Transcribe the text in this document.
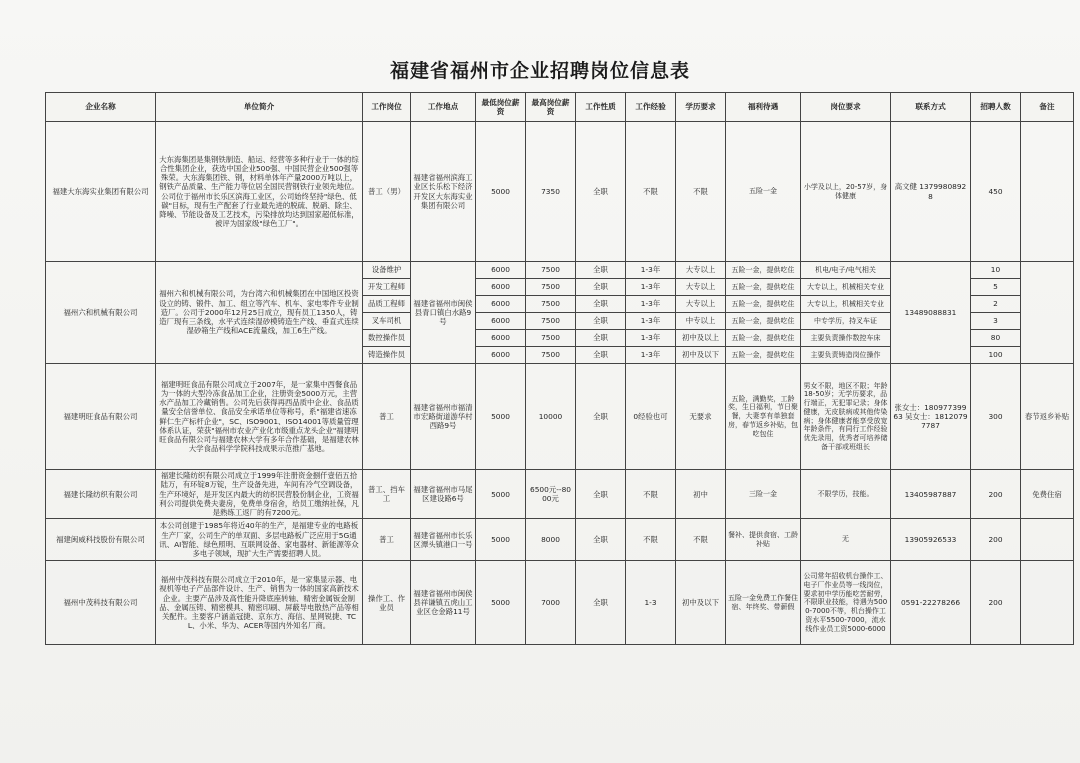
福建省福州市企业招聘岗位信息表
企业名称	单位简介	工作岗位	工作地点	最低岗位薪资	最高岗位薪资	工作性质	工作经验	学历要求	福利待遇	岗位要求	联系方式	招聘人数	备注
福建大东海实业集团有限公司	大东海集团是集钢铁制造、船运、经营等多种行业于一体的综合性集团企业，获选中国企业500强、中国民营企业500强等殊荣。大东海集团铁、钢，材料单体年产量2000万吨以上，钢铁产品质量、生产能力等位居全国民营钢铁行业领先地位。公司位于福州市长乐区滨海工业区，公司始终坚持"绿色、低碳"目标，现有生产配套了行业最先进的脱硫、脱硝、除尘、降噪、节能设备及工艺技术，污染排放均达到国家超低标准，被评为国家级"绿色工厂"。	普工（男）	福建省福州滨海工业区长乐松下经济开发区大东海实业集团有限公司	5000	7350	全职	不限	不限	五险一金	小学及以上，20-57岁，身体健康	高文健 13799808928	450	
福州六和机械有限公司	福州六和机械有限公司，为台湾六和机械集团在中国地区投资设立的铸、锻件、加工、组立等汽车、机车、家电零件专业制造厂。公司于2000年12月25日成立，现有员工1350人，铸造厂现有三条线，水平式连续湿砂模铸造生产线、垂直式连续湿砂箱生产线和ACE流量线，加工6生产线。	设备维护	福建省福州市闽侯县青口镇白水路9号	6000	7500	全职	1-3年	大专以上	五险一金，提供吃住	机电/电子/电气相关	13489088831	10	
		开发工程师		6000	7500	全职	1-3年	大专以上	五险一金，提供吃住	大专以上，机械相关专业		5	
		品质工程师		6000	7500	全职	1-3年	大专以上	五险一金，提供吃住	大专以上，机械相关专业		2	
		叉车司机		6000	7500	全职	1-3年	中专以上	五险一金，提供吃住	中专学历，持叉车证		3	
		数控操作员		6000	7500	全职	1-3年	初中及以上	五险一金，提供吃住	主要负责操作数控车床		80	
		铸造操作员		6000	7500	全职	1-3年	初中及以下	五险一金，提供吃住	主要负责铸造岗位操作		100	
福建明旺食品有限公司	福建明旺食品有限公司成立于2007年，是一家集中西餐食品为一体的大型冷冻食品加工企业，注册资金5000万元，主营水产品加工冷藏销售。公司先后获得再西品质中企业、食品质量安全信誉单位、食品安全承诺单位等称号，系"福建省速冻鲜仁生产标杆企业"，SC、ISO9001、ISO14001等质量管理体系认证，荣获"福州市农业产业化市级重点龙头企业"福建明旺食品有限公司与福建农林大学有多年合作基础，是福建农林大学食品科学学院科技成果示范推广基地。	普工	福建省福州市福清市宏路街道游华村西路9号	5000	10000	全职	0经验也可	无要求	五险，满勤奖，工龄奖，生日福利，节日聚餐，大妻享有单独套房，春节返乡补贴，包吃包住	男女不限，地区不限；年龄18-50岁；无学历要求，品行端正，无犯罪记录；身体健康，无皮肤病或其他传染病；身体健康者能享受放宽年龄条件，有同行工作经验优先录用，优秀者可培养储备干部或班组长	张女士：18097739963 吴女士：18120797787	300	春节返乡补贴
福建长隆纺织有限公司	福建长隆纺织有限公司成立于1999年注册资金捌仟壹佰五拾陆万，有环锭8万锭，生产设备先进，车间有冷气空调设备，生产环境好，是开发区内最大的纺织民营股份制企业，工资福利公司提供免费夫妻房，免费单身宿舍，给员工缴纳社保，凡是熟练工返厂的有7200元。	普工、挡车工	福建省福州市马尾区建设路6号	5000	6500元--8000元	全职	不限	初中	三险一金	不限学历，技能。	13405987887	200	免费住宿
福建闽威科技股份有限公司	本公司创建于1985年将近40年的生产，是福建专业的电路板生产厂家，公司生产的单双面、多层电路板广泛应用于5G通讯、AI智能、绿色照明、互联网设备、家电器材、新能源等众多电子领域，现扩大生产需要招聘人员。	普工	福建省福州市长乐区潭头镇港口一号	5000	8000	全职	不限	不限	餐补、提供食宿、工龄补贴	无	13905926533	200	
福州中茂科技有限公司	福州中茂科技有限公司成立于2010年，是一家集显示器、电视机等电子产品部件设计、生产、销售为一体的国家高新技术企业。主要产品涉及高性能升降底座转轴、精密金属钣金制品、金属压铸、精密模具、精密印刷、屏蔽导电散热产品等相关配件。主要客户涵盖冠捷、京东方、海信、星网锐捷、TCL、小米、华为、ACER等国内外知名厂商。	操作工、作业员	福建省福州市闽侯县祥谦镇五虎山工业区仓金路11号	5000	7000	全职	1-3	初中及以下	五险一金免费工作餐住宿、年终奖、带薪假	公司常年招收机台操作工、电子厂作业员等一线岗位，要求初中学历能吃苦耐劳，不限职业技能，待遇为5000-7000不等，机台操作工资水平5500-7000，流水线作业员工资5000-6000	0591-22278266	200	
